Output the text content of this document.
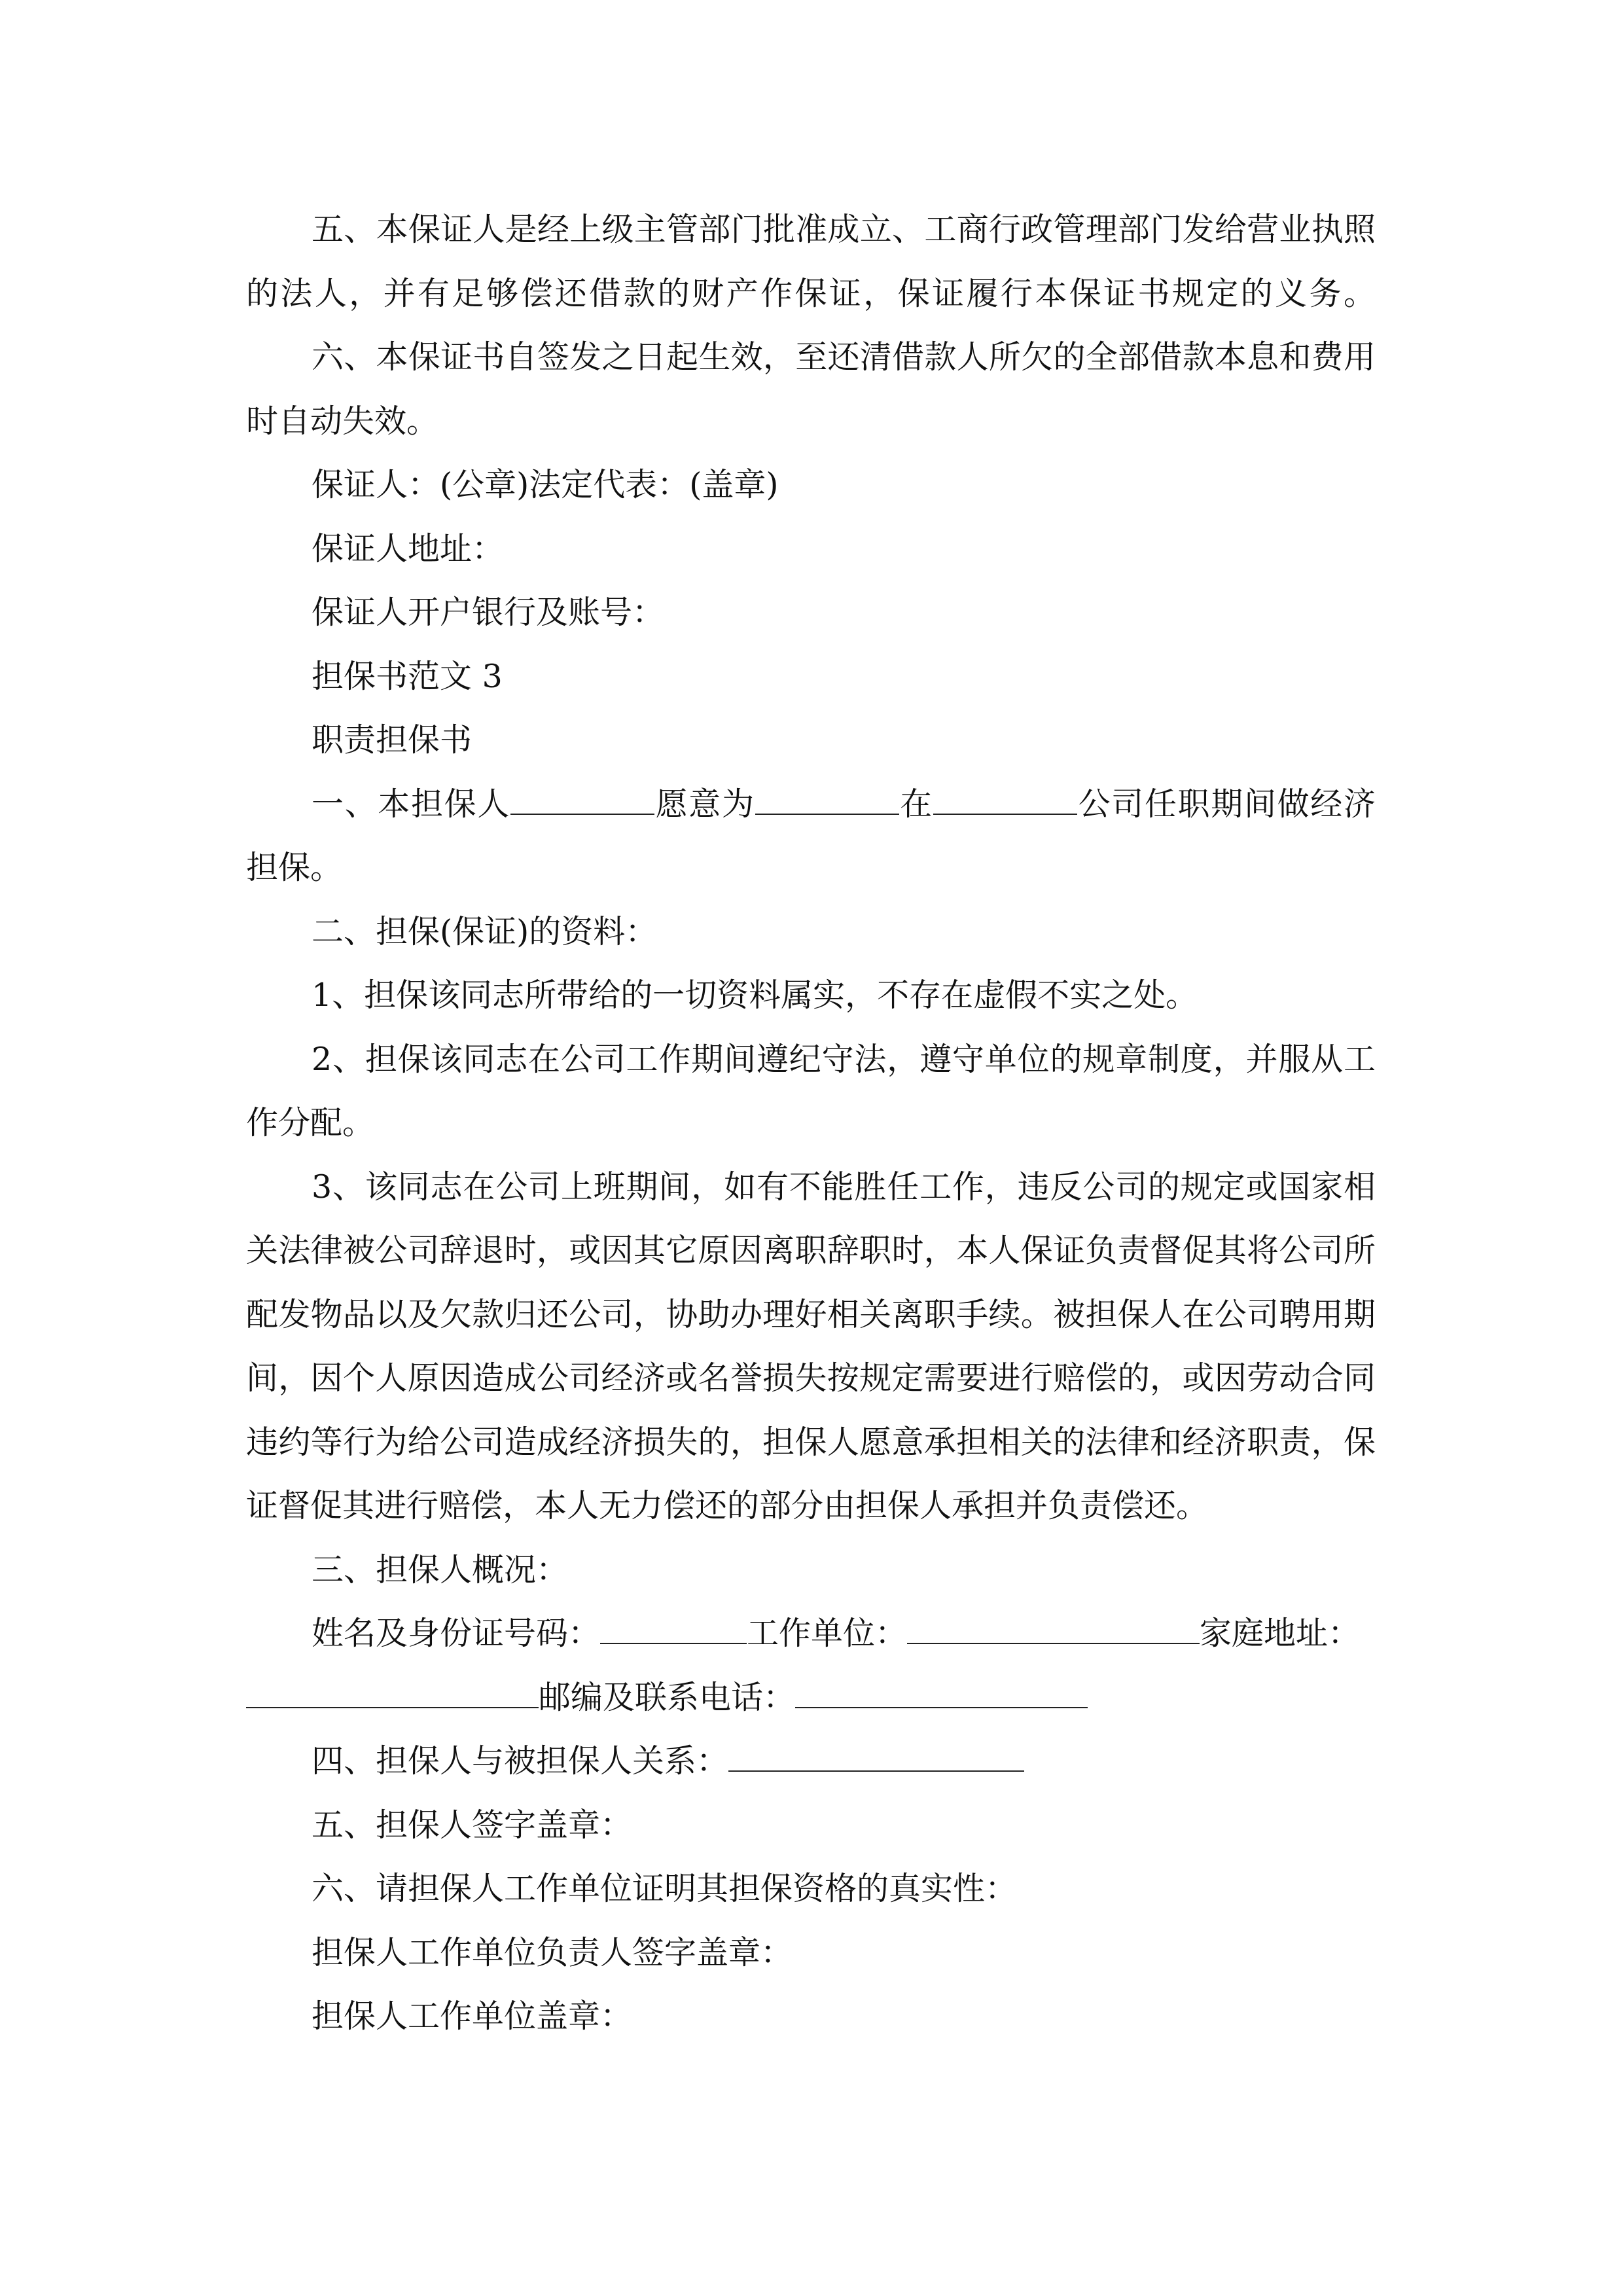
五、本保证人是经上级主管部门批准成立、工商行政管理部门发给营业执照
的法人，并有足够偿还借款的财产作保证，保证履行本保证书规定的义务。
六、本保证书自签发之日起生效，至还清借款人所欠的全部借款本息和费用
时自动失效。
保证人：(公章)法定代表：(盖章)
保证人地址：
保证人开户银行及账号：
担保书范文 3
职责担保书
一、本担保人	愿意为	在	公司任职期间做经济
担保。
二、担保(保证)的资料：
1、担保该同志所带给的一切资料属实，不存在虚假不实之处。
2、担保该同志在公司工作期间遵纪守法，遵守单位的规章制度，并服从工
作分配。
3、该同志在公司上班期间，如有不能胜任工作，违反公司的规定或国家相
关法律被公司辞退时，或因其它原因离职辞职时，本人保证负责督促其将公司所
配发物品以及欠款归还公司，协助办理好相关离职手续。被担保人在公司聘用期
间，因个人原因造成公司经济或名誉损失按规定需要进行赔偿的，或因劳动合同
违约等行为给公司造成经济损失的，担保人愿意承担相关的法律和经济职责，保
证督促其进行赔偿，本人无力偿还的部分由担保人承担并负责偿还。
三、担保人概况：
姓名及身份证号码：	工作单位：	家庭地址：
邮编及联系电话：
四、担保人与被担保人关系：
五、担保人签字盖章：
六、请担保人工作单位证明其担保资格的真实性：
担保人工作单位负责人签字盖章：
担保人工作单位盖章：
